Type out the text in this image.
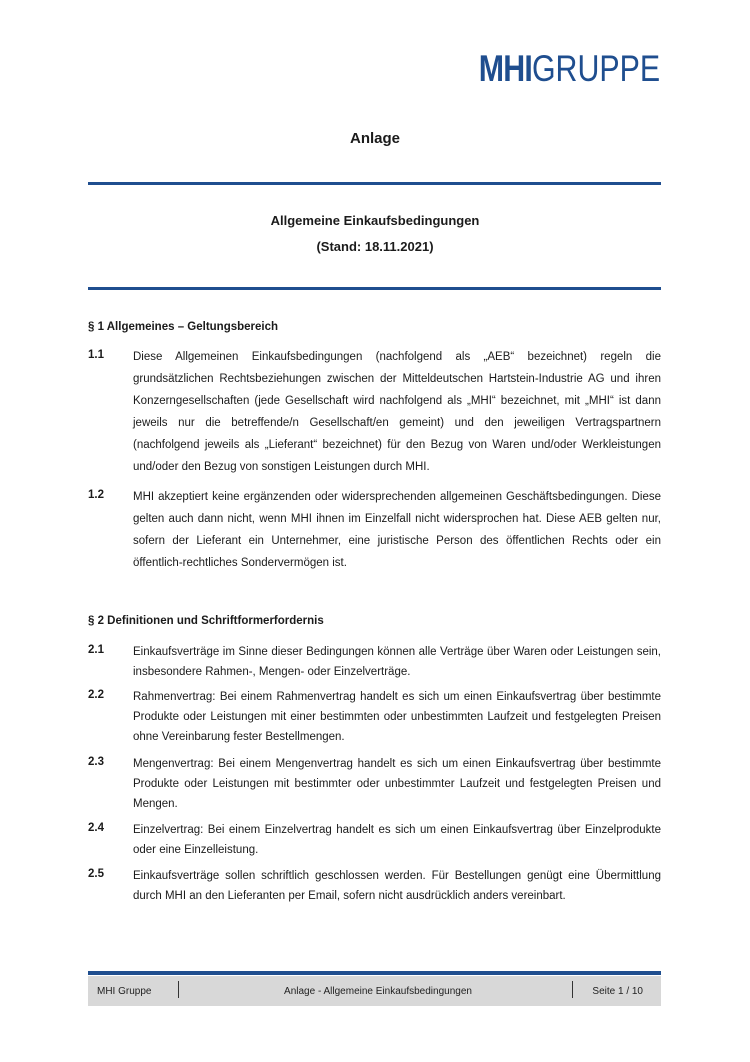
MHIGRUPPE
Anlage
Allgemeine Einkaufsbedingungen
(Stand: 18.11.2021)
§ 1 Allgemeines – Geltungsbereich
1.1	Diese Allgemeinen Einkaufsbedingungen (nachfolgend als „AEB“ bezeichnet) regeln die grundsätzlichen Rechtsbeziehungen zwischen der Mitteldeutschen Hartstein-Industrie AG und ihren Konzerngesellschaften (jede Gesellschaft wird nachfolgend als „MHI“ bezeichnet, mit „MHI“ ist dann jeweils nur die betreffende/n Gesellschaft/en gemeint) und den jeweiligen Vertragspartnern (nachfolgend jeweils als „Lieferant“ bezeichnet) für den Bezug von Waren und/oder Werkleistungen und/oder den Bezug von sonstigen Leistungen durch MHI.
1.2	MHI akzeptiert keine ergänzenden oder widersprechenden allgemeinen Geschäftsbedingungen. Diese gelten auch dann nicht, wenn MHI ihnen im Einzelfall nicht widersprochen hat. Diese AEB gelten nur, sofern der Lieferant ein Unternehmer, eine juristische Person des öffentlichen Rechts oder ein öffentlich-rechtliches Sondervermögen ist.
§ 2 Definitionen und Schriftformerfordernis
2.1	Einkaufsverträge im Sinne dieser Bedingungen können alle Verträge über Waren oder Leistungen sein, insbesondere Rahmen-, Mengen- oder Einzelverträge.
2.2	Rahmenvertrag: Bei einem Rahmenvertrag handelt es sich um einen Einkaufsvertrag über bestimmte Produkte oder Leistungen mit einer bestimmten oder unbestimmten Laufzeit und festgelegten Preisen ohne Vereinbarung fester Bestellmengen.
2.3	Mengenvertrag: Bei einem Mengenvertrag handelt es sich um einen Einkaufsvertrag über bestimmte Produkte oder Leistungen mit bestimmter oder unbestimmter Laufzeit und festgelegten Preisen und Mengen.
2.4	Einzelvertrag: Bei einem Einzelvertrag handelt es sich um einen Einkaufsvertrag über Einzelprodukte oder eine Einzelleistung.
2.5	Einkaufsverträge sollen schriftlich geschlossen werden. Für Bestellungen genügt eine Übermittlung durch MHI an den Lieferanten per Email, sofern nicht ausdrücklich anders vereinbart.
MHI Gruppe	Anlage - Allgemeine Einkaufsbedingungen	Seite 1 / 10
